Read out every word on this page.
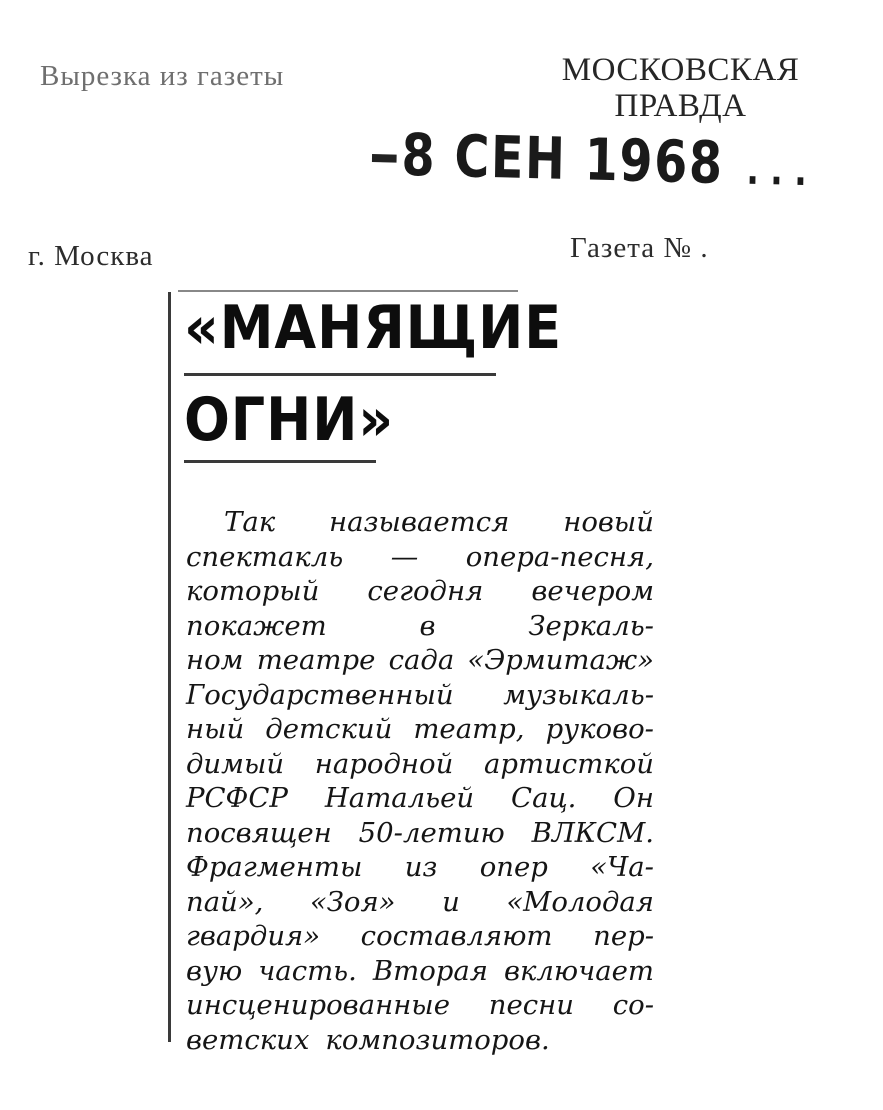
Вырезка из газеты	МОСКОВСКАЯ
ПРАВДА
8 СЕН 1968 ...
г. Москва	Газета № .
«МАНЯЩИЕ
ОГНИ»
Так называется новый
спектакль — опера-песня,
который сегодня вечером
покажет	в	Зеркаль-
ном театре сада «Эрмитаж»
Государственный музыкаль-
ный детский театр, руково-
димый народной артисткой
РСФСР Натальей Сац. Он
посвящен 50-летию ВЛКСМ.
Фрагменты из опер «Ча-
пай», «Зоя» и «Молодая
гвардия» составляют пер-
вую часть. Вторая включает
инсценированные песни со-
ветских композиторов.
